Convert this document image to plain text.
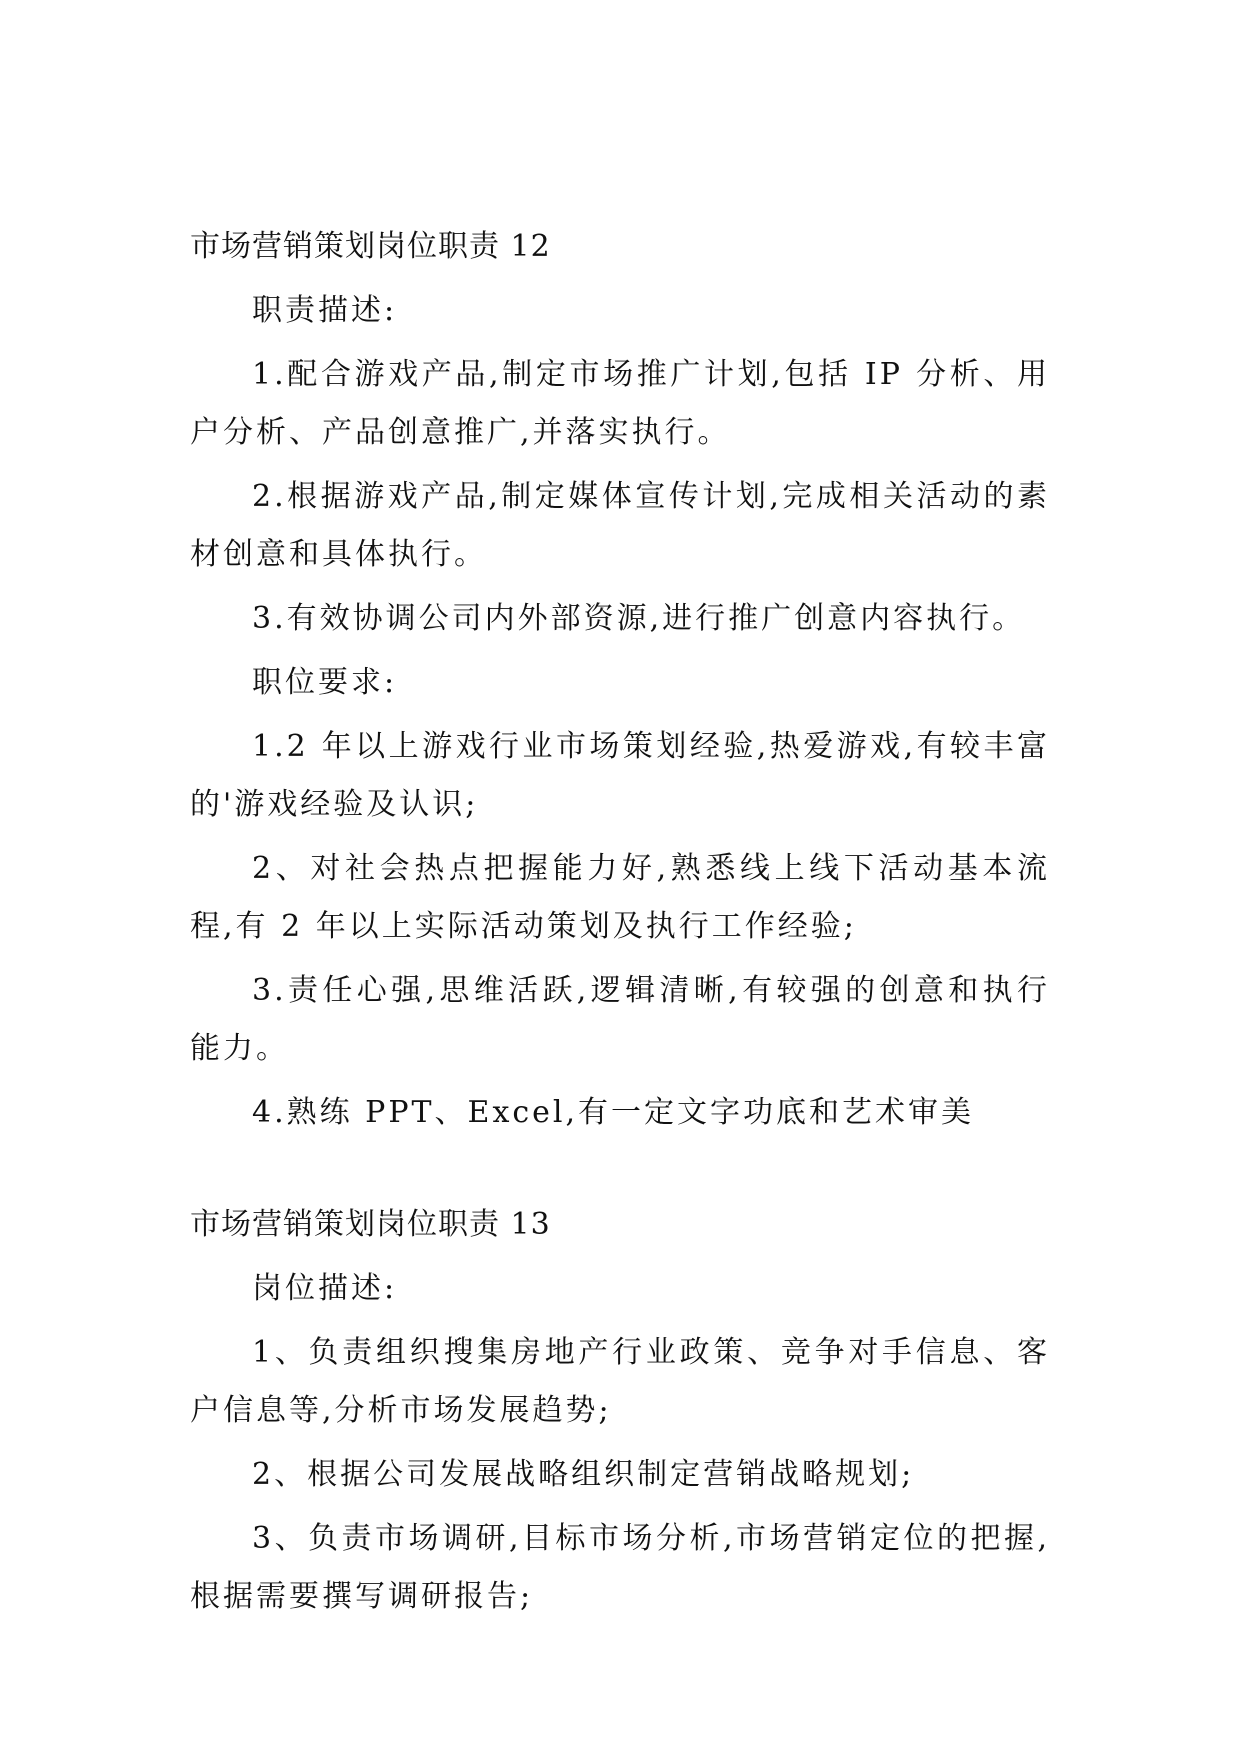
市场营销策划岗位职责 12

职责描述:

1.配合游戏产品,制定市场推广计划,包括 IP 分析、用户分析、产品创意推广,并落实执行。

2.根据游戏产品,制定媒体宣传计划,完成相关活动的素材创意和具体执行。

3.有效协调公司内外部资源,进行推广创意内容执行。

职位要求:

1.2 年以上游戏行业市场策划经验,热爱游戏,有较丰富的'游戏经验及认识;

2、对社会热点把握能力好,熟悉线上线下活动基本流程,有 2 年以上实际活动策划及执行工作经验;

3.责任心强,思维活跃,逻辑清晰,有较强的创意和执行能力。

4.熟练 PPT、Excel,有一定文字功底和艺术审美

市场营销策划岗位职责 13

岗位描述:

1、负责组织搜集房地产行业政策、竞争对手信息、客户信息等,分析市场发展趋势;

2、根据公司发展战略组织制定营销战略规划;

3、负责市场调研,目标市场分析,市场营销定位的把握,根据需要撰写调研报告;
